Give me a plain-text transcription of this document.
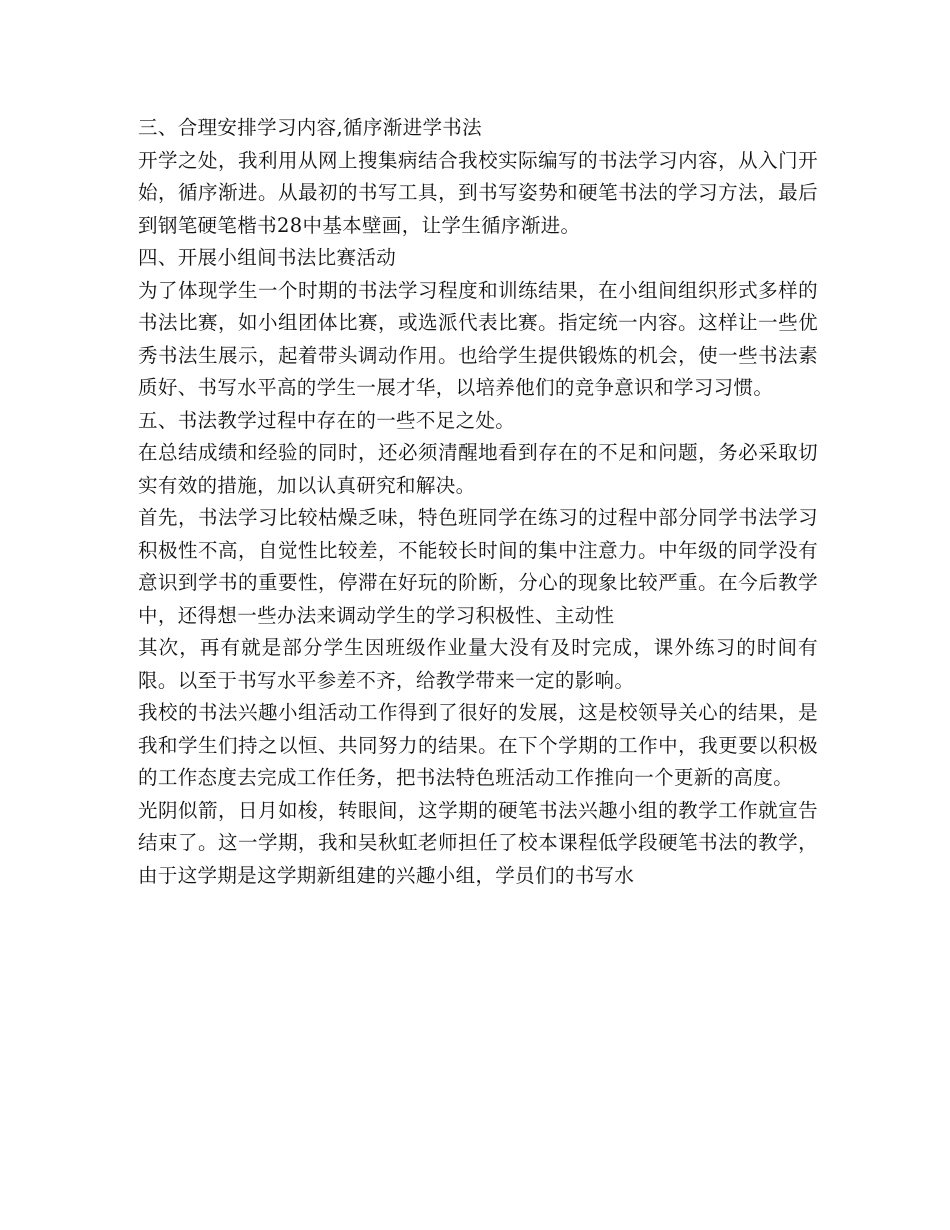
三、合理安排学习内容,循序渐进学书法

开学之处，我利用从网上搜集病结合我校实际编写的书法学习内容，从入门开始，循序渐进。从最初的书写工具，到书写姿势和硬笔书法的学习方法，最后到钢笔硬笔楷书28中基本壁画，让学生循序渐进。

四、开展小组间书法比赛活动

为了体现学生一个时期的书法学习程度和训练结果，在小组间组织形式多样的书法比赛，如小组团体比赛，或选派代表比赛。指定统一内容。这样让一些优秀书法生展示，起着带头调动作用。也给学生提供锻炼的机会，使一些书法素质好、书写水平高的学生一展才华，以培养他们的竞争意识和学习习惯。

五、书法教学过程中存在的一些不足之处。

在总结成绩和经验的同时，还必须清醒地看到存在的不足和问题，务必采取切实有效的措施，加以认真研究和解决。

首先，书法学习比较枯燥乏味，特色班同学在练习的过程中部分同学书法学习积极性不高，自觉性比较差，不能较长时间的集中注意力。中年级的同学没有意识到学书的重要性，停滞在好玩的阶断，分心的现象比较严重。在今后教学中，还得想一些办法来调动学生的学习积极性、主动性

其次，再有就是部分学生因班级作业量大没有及时完成，课外练习的时间有限。以至于书写水平参差不齐，给教学带来一定的影响。

我校的书法兴趣小组活动工作得到了很好的发展，这是校领导关心的结果，是我和学生们持之以恒、共同努力的结果。在下个学期的工作中，我更要以积极的工作态度去完成工作任务，把书法特色班活动工作推向一个更新的高度。

光阴似箭，日月如梭，转眼间，这学期的硬笔书法兴趣小组的教学工作就宣告结束了。这一学期，我和吴秋虹老师担任了校本课程低学段硬笔书法的教学，由于这学期是这学期新组建的兴趣小组，学员们的书写水
